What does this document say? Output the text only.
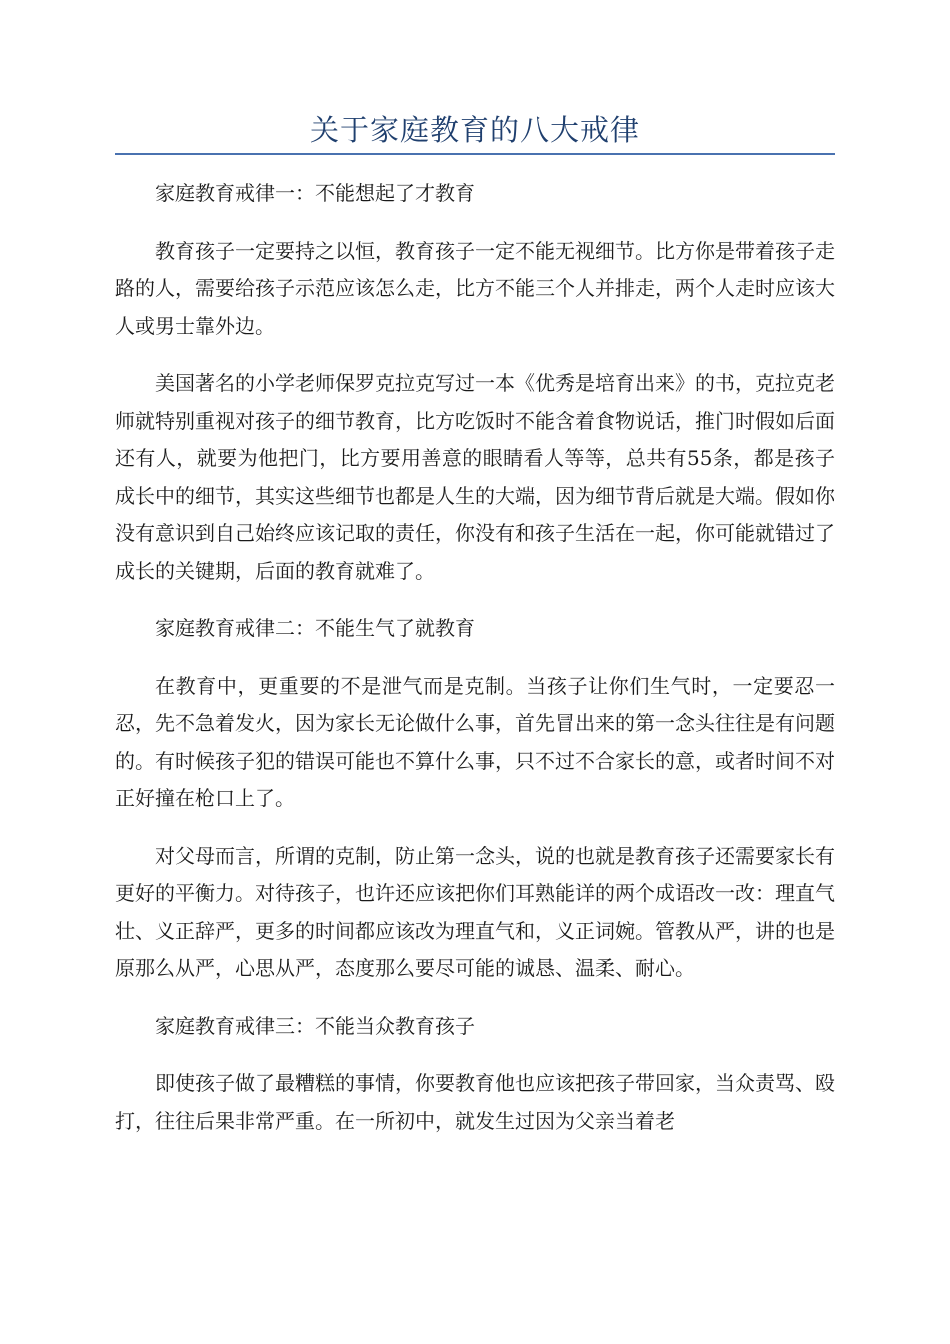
关于家庭教育的八大戒律

家庭教育戒律一：不能想起了才教育

教育孩子一定要持之以恒，教育孩子一定不能无视细节。比方你是带着孩子走路的人，需要给孩子示范应该怎么走，比方不能三个人并排走，两个人走时应该大人或男士靠外边。

美国著名的小学老师保罗克拉克写过一本《优秀是培育出来》的书，克拉克老师就特别重视对孩子的细节教育，比方吃饭时不能含着食物说话，推门时假如后面还有人，就要为他把门，比方要用善意的眼睛看人等等，总共有55条，都是孩子成长中的细节，其实这些细节也都是人生的大端，因为细节背后就是大端。假如你没有意识到自己始终应该记取的责任，你没有和孩子生活在一起，你可能就错过了成长的关键期，后面的教育就难了。

家庭教育戒律二：不能生气了就教育

在教育中，更重要的不是泄气而是克制。当孩子让你们生气时，一定要忍一忍，先不急着发火，因为家长无论做什么事，首先冒出来的第一念头往往是有问题的。有时候孩子犯的错误可能也不算什么事，只不过不合家长的意，或者时间不对正好撞在枪口上了。

对父母而言，所谓的克制，防止第一念头，说的也就是教育孩子还需要家长有更好的平衡力。对待孩子，也许还应该把你们耳熟能详的两个成语改一改：理直气壮、义正辞严，更多的时间都应该改为理直气和，义正词婉。管教从严，讲的也是原那么从严，心思从严，态度那么要尽可能的诚恳、温柔、耐心。

家庭教育戒律三：不能当众教育孩子

即使孩子做了最糟糕的事情，你要教育他也应该把孩子带回家，当众责骂、殴打，往往后果非常严重。在一所初中，就发生过因为父亲当着老
